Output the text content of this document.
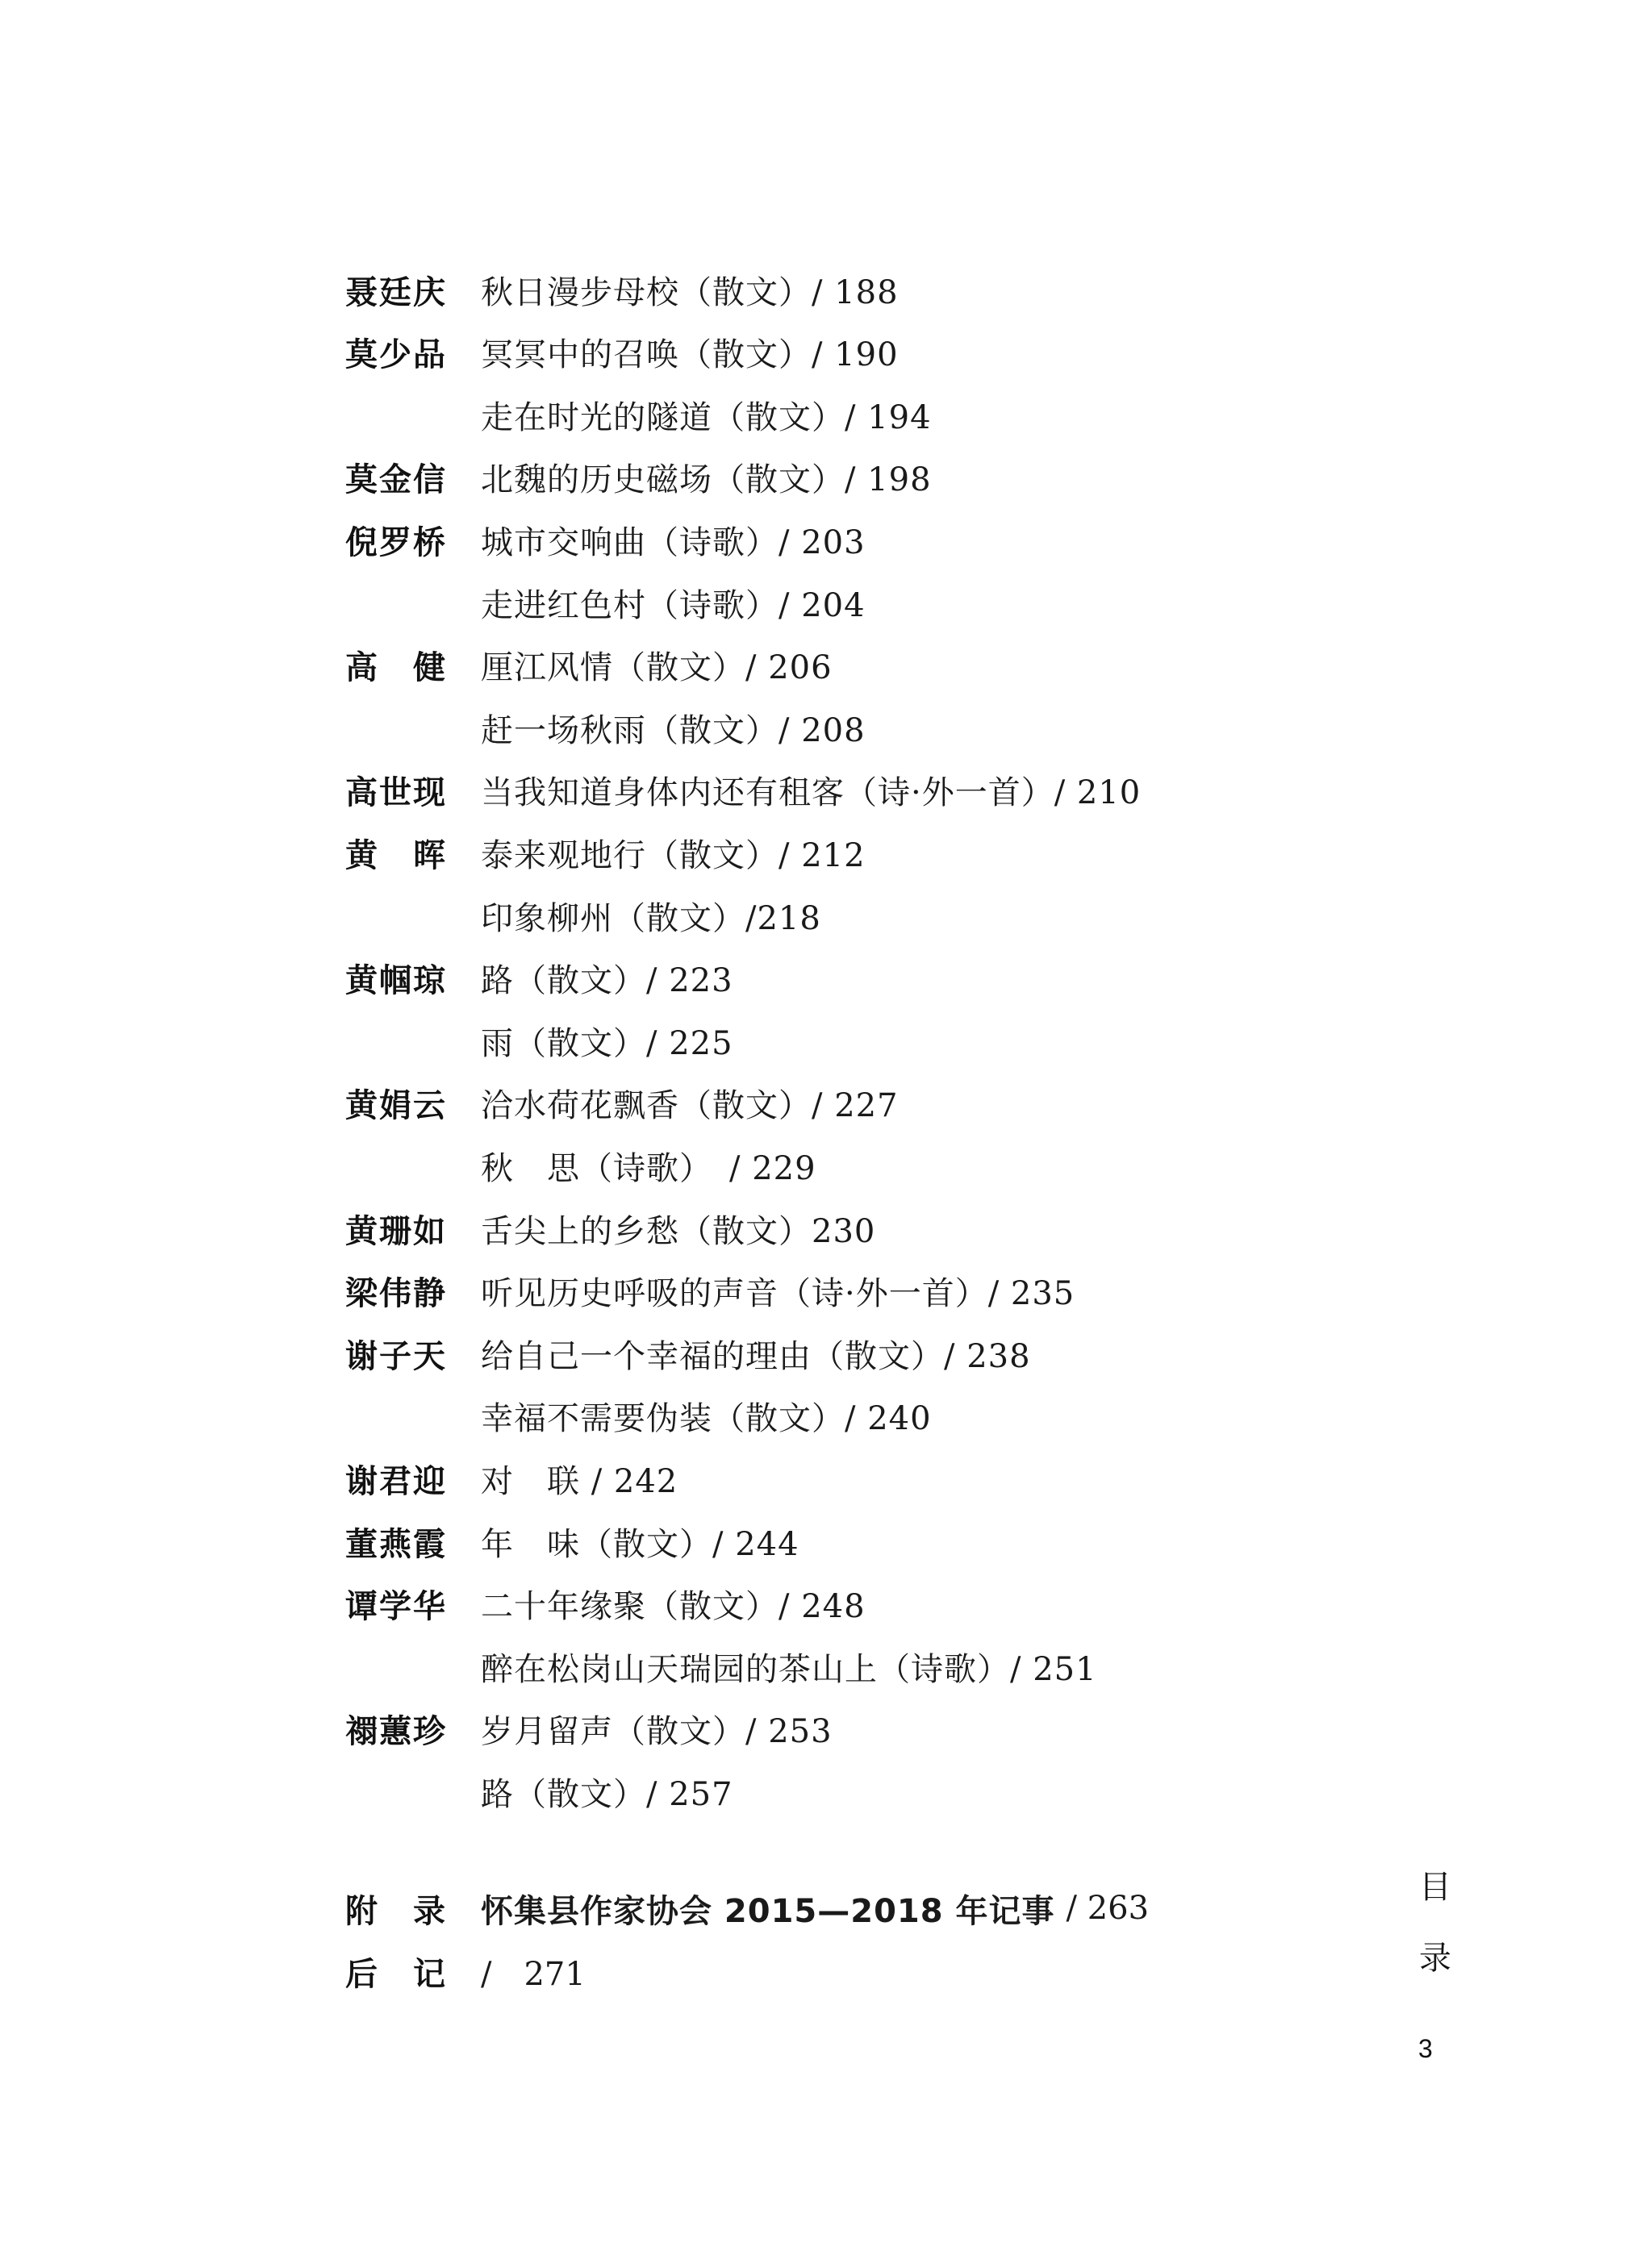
聂廷庆	秋日漫步母校（散文）/ 188
莫少品	冥冥中的召唤（散文）/ 190
走在时光的隧道（散文）/ 194
莫金信	北魏的历史磁场（散文）/ 198
倪罗桥	城市交响曲（诗歌）/ 203
走进红色村（诗歌）/ 204
高　健	厘江风情（散文）/ 206
赶一场秋雨（散文）/ 208
高世现	当我知道身体内还有租客（诗·外一首）/ 210
黄　晖	泰来观地行（散文）/ 212
印象柳州（散文）/218
黄帼琼	路（散文）/ 223
雨（散文）/ 225
黄娟云	洽水荷花飘香（散文）/ 227
秋　思（诗歌）　/ 229
黄珊如	舌尖上的乡愁（散文）230
梁伟静	听见历史呼吸的声音（诗·外一首）/ 235
谢子天	给自己一个幸福的理由（散文）/ 238
幸福不需要伪装（散文）/ 240
谢君迎	对　联 / 242
董燕霞	年　味（散文）/ 244
谭学华	二十年缘聚（散文）/ 248
醉在松岗山天瑞园的茶山上（诗歌）/ 251
禤蕙珍	岁月留声（散文）/ 253
路（散文）/ 257
附　录	怀集县作家协会 2015—2018 年记事 / 263
后　记	/　271
目
录
3
